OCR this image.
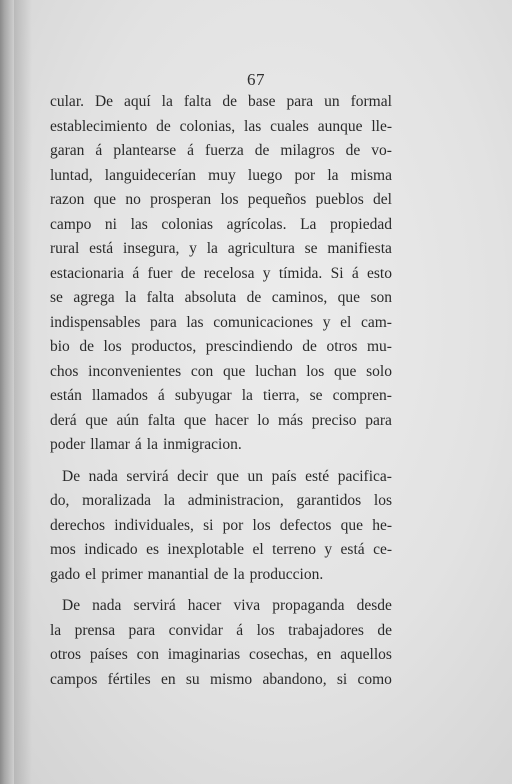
67
cular. De aquí la falta de base para un formal
establecimiento de colonias, las cuales aunque lle-
garan á plantearse á fuerza de milagros de vo-
luntad, languidecerían muy luego por la misma
razon que no prosperan los pequeños pueblos del
campo ni las colonias agrícolas. La propiedad
rural está insegura, y la agricultura se manifiesta
estacionaria á fuer de recelosa y tímida. Si á esto
se agrega la falta absoluta de caminos, que son
indispensables para las comunicaciones y el cam-
bio de los productos, prescindiendo de otros mu-
chos inconvenientes con que luchan los que solo
están llamados á subyugar la tierra, se compren-
derá que aún falta que hacer lo más preciso para
poder llamar á la inmigracion.
De nada servirá decir que un país esté pacifica-
do, moralizada la administracion, garantidos los
derechos individuales, si por los defectos que he-
mos indicado es inexplotable el terreno y está ce-
gado el primer manantial de la produccion.
De nada servirá hacer viva propaganda desde
la prensa para convidar á los trabajadores de
otros países con imaginarias cosechas, en aquellos
campos fértiles en su mismo abandono, si como
